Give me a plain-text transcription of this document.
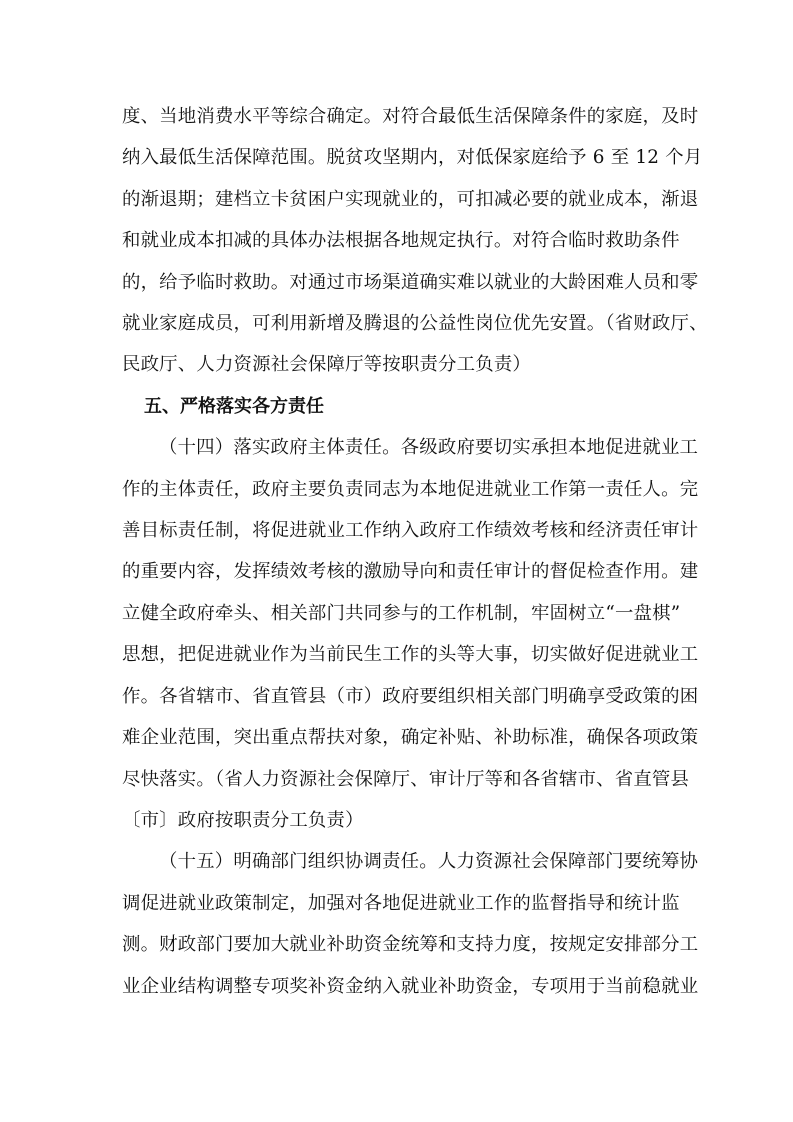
度、当地消费水平等综合确定。对符合最低生活保障条件的家庭，及时

纳入最低生活保障范围。脱贫攻坚期内，对低保家庭给予 6 至 12 个月

的渐退期；建档立卡贫困户实现就业的，可扣减必要的就业成本，渐退

和就业成本扣减的具体办法根据各地规定执行。对符合临时救助条件

的，给予临时救助。对通过市场渠道确实难以就业的大龄困难人员和零

就业家庭成员，可利用新增及腾退的公益性岗位优先安置。（省财政厅、

民政厅、人力资源社会保障厅等按职责分工负责）

五、严格落实各方责任

（十四）落实政府主体责任。各级政府要切实承担本地促进就业工

作的主体责任，政府主要负责同志为本地促进就业工作第一责任人。完

善目标责任制，将促进就业工作纳入政府工作绩效考核和经济责任审计

的重要内容，发挥绩效考核的激励导向和责任审计的督促检查作用。建

立健全政府牵头、相关部门共同参与的工作机制，牢固树立“一盘棋”

思想，把促进就业作为当前民生工作的头等大事，切实做好促进就业工

作。各省辖市、省直管县（市）政府要组织相关部门明确享受政策的困

难企业范围，突出重点帮扶对象，确定补贴、补助标准，确保各项政策

尽快落实。（省人力资源社会保障厅、审计厅等和各省辖市、省直管县

〔市〕政府按职责分工负责）

（十五）明确部门组织协调责任。人力资源社会保障部门要统筹协

调促进就业政策制定，加强对各地促进就业工作的监督指导和统计监

测。财政部门要加大就业补助资金统筹和支持力度，按规定安排部分工

业企业结构调整专项奖补资金纳入就业补助资金，专项用于当前稳就业
